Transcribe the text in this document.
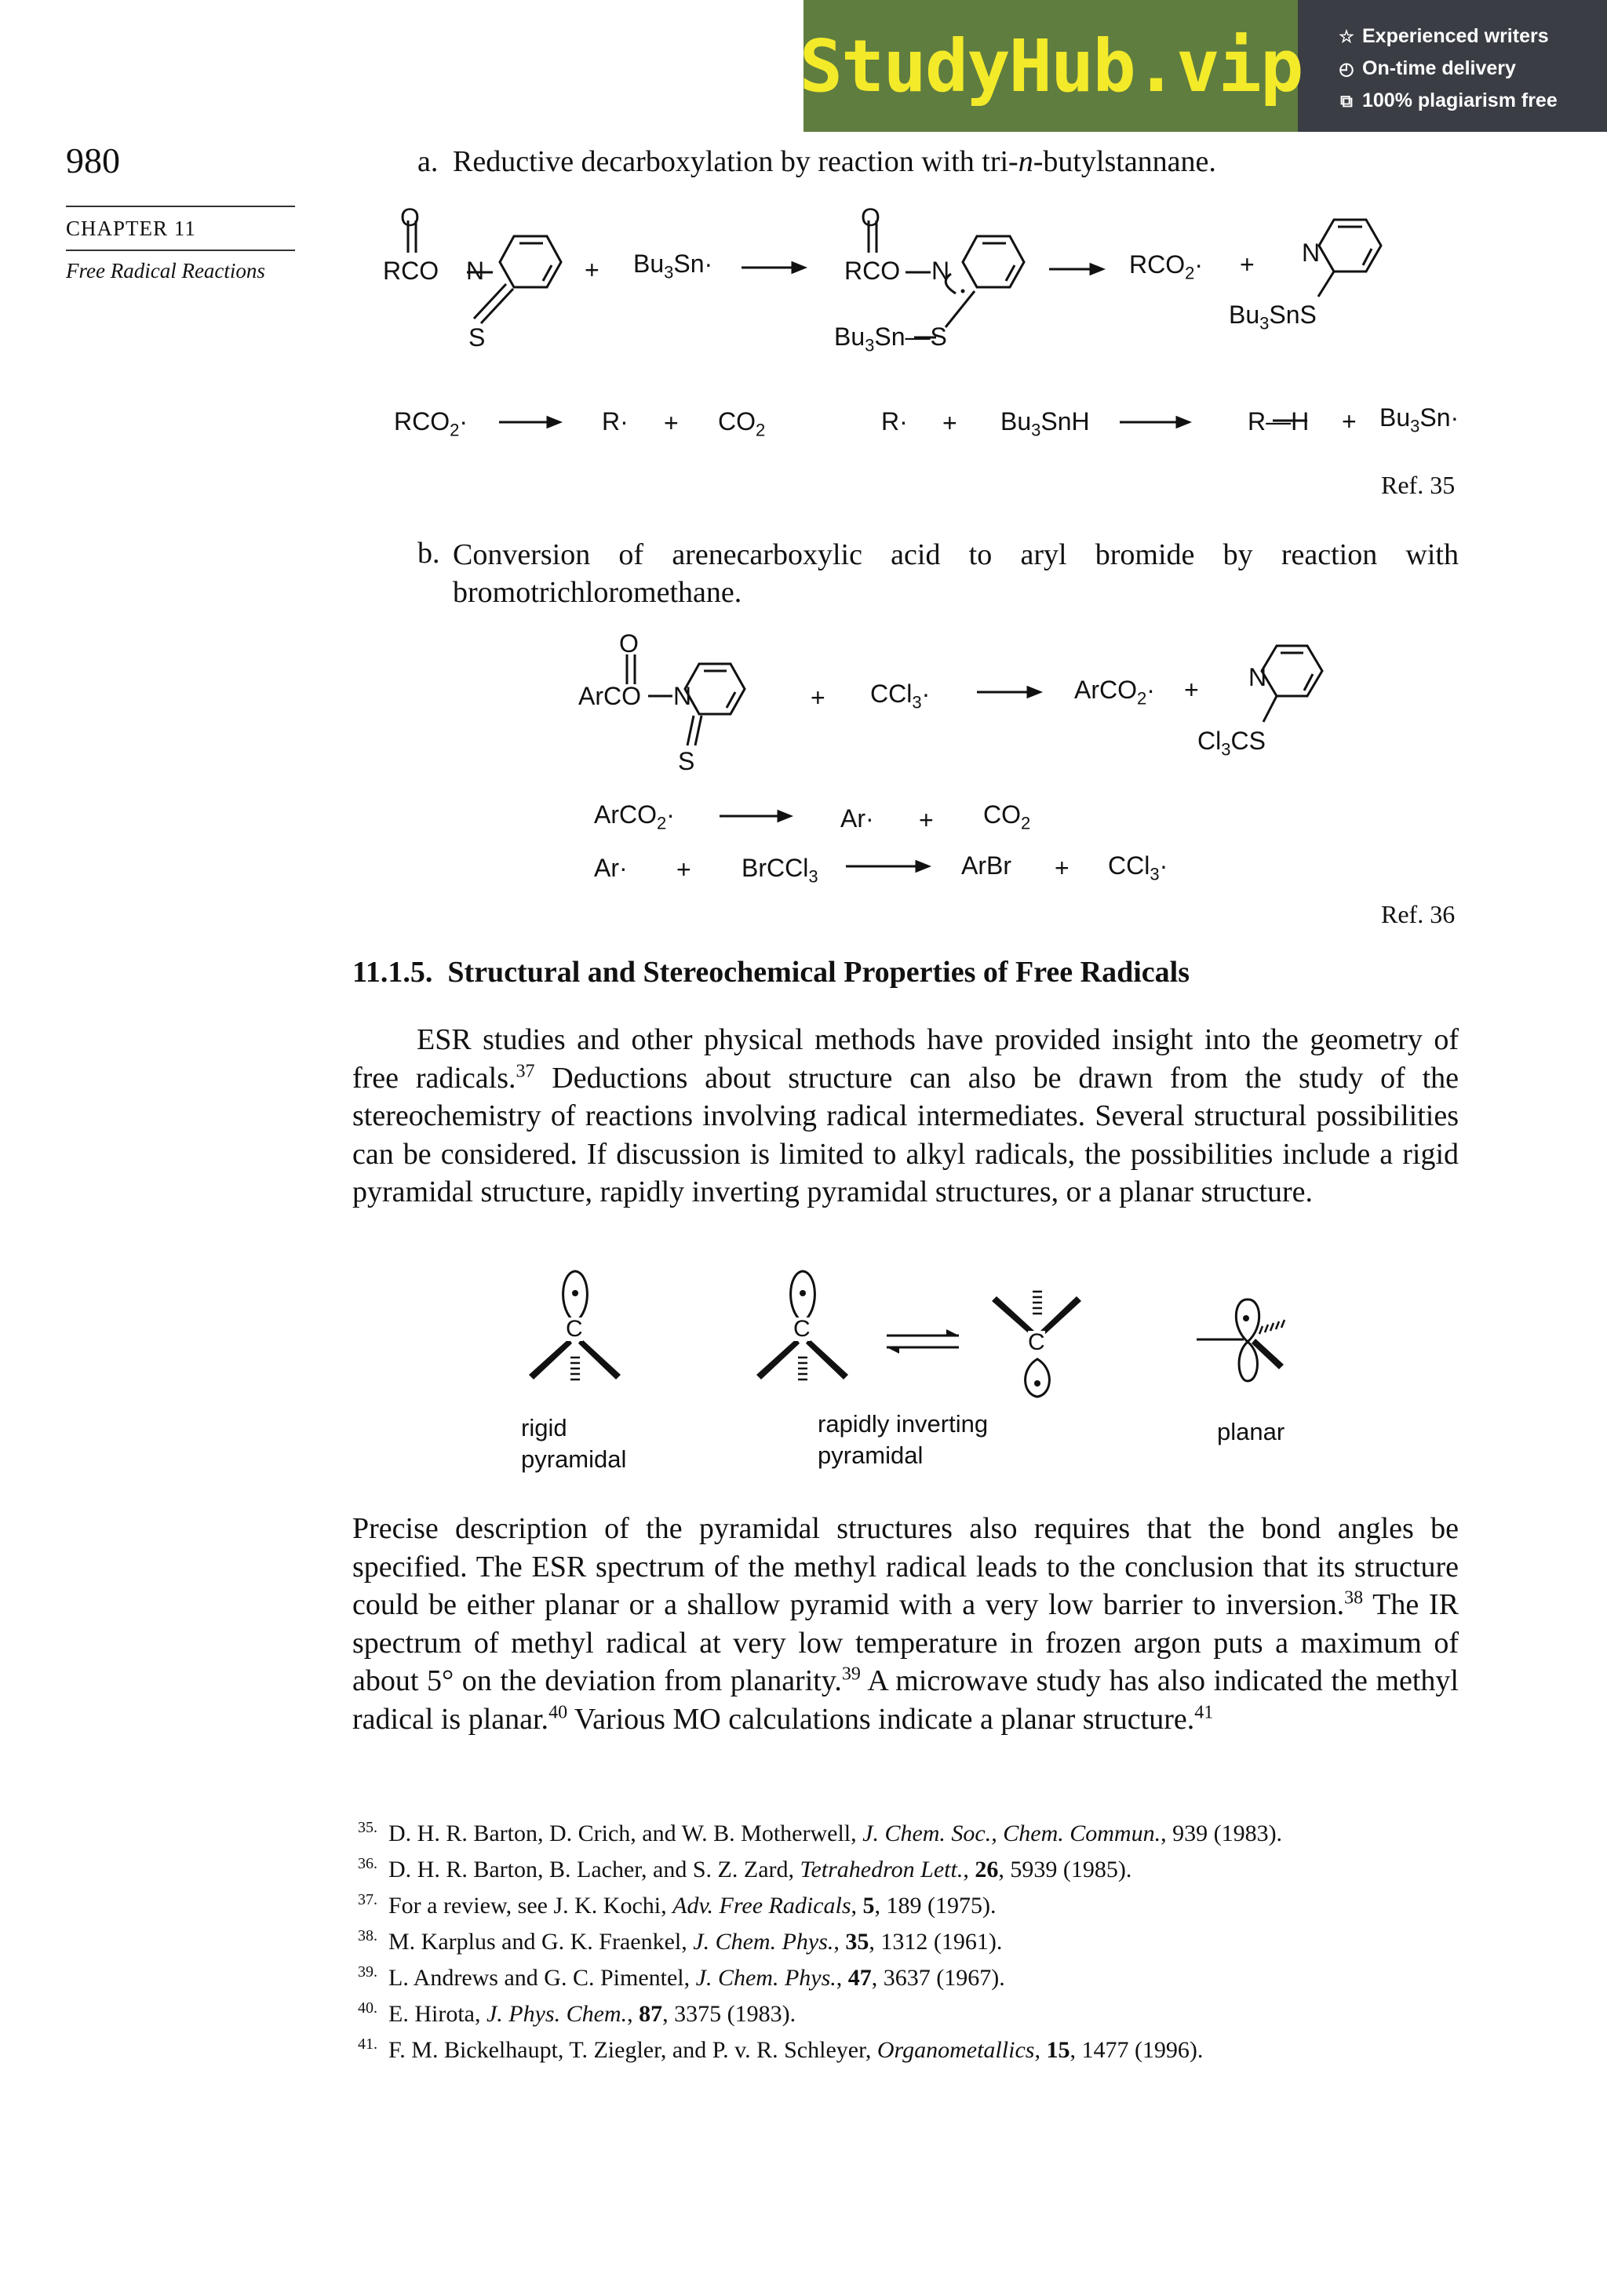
StudyHub.vip ☆ Experienced writers
◴ On-time delivery
⧉ 100% plagiarism free
980
CHAPTER 11
Free Radical Reactions
a. Reductive decarboxylation by reaction with tri-n-butylstannane.
O
RCO N
S
+ $Bu_3Sn\cdot$
O
RCO N
$Bu_3Sn—S$
$RCO_2\cdot + N$
$Bu_3SnS$
$RCO_2\cdot$	$R\cdot + CO_2$	$R\cdot + Bu_3SnH$	R—H + $Bu_3Sn\cdot$
Ref. 35
b. Conversion of arenecarboxylic acid to aryl bromide by reaction with
bromotrichloromethane.
O
ArCO N
S
+ CCl$_3$·	ArCO$_2$· + N
$Cl_3CS$
ArCO$_2$·	$Ar\cdot + CO_2$
Ar· + BrCCl$_3$	ArBr + CCl$_3$·
Ref. 36
11.1.5. Structural and Stereochemical Properties of Free Radicals
ESR studies and other physical methods have provided insight into the geometry of free radicals.$^{37}$ Deductions about structure can also be drawn from the study of the stereochemistry of reactions involving radical intermediates. Several structural possibilities can be considered. If discussion is limited to alkyl radicals, the possibilities include a rigid pyramidal structure, rapidly inverting pyramidal structures, or a planar structure.
C	C
C
rigid
pyramidal
rapidly inverting
pyramidal
planar
Precise description of the pyramidal structures also requires that the bond angles be specified. The ESR spectrum of the methyl radical leads to the conclusion that its structure could be either planar or a shallow pyramid with a very low barrier to inversion.$^{38}$ The IR spectrum of methyl radical at very low temperature in frozen argon puts a maximum of about 5° on the deviation from planarity.$^{39}$ A microwave study has also indicated the methyl radical is planar.$^{40}$ Various MO calculations indicate a planar structure.$^{41}$
$^{35.}$ D. H. R. Barton, D. Crich, and W. B. Motherwell, J. Chem. Soc., Chem. Commun., 939 (1983).
$^{36.}$ D. H. R. Barton, B. Lacher, and S. Z. Zard, Tetrahedron Lett., 26, 5939 (1985).
$^{37.}$ For a review, see J. K. Kochi, Adv. Free Radicals, 5, 189 (1975).
$^{38.}$ M. Karplus and G. K. Fraenkel, J. Chem. Phys., 35, 1312 (1961).
$^{39.}$ L. Andrews and G. C. Pimentel, J. Chem. Phys., 47, 3637 (1967).
$^{40.}$ E. Hirota, J. Phys. Chem., 87, 3375 (1983).
$^{41.}$ F. M. Bickelhaupt, T. Ziegler, and P. v. R. Schleyer, Organometallics, 15, 1477 (1996).
